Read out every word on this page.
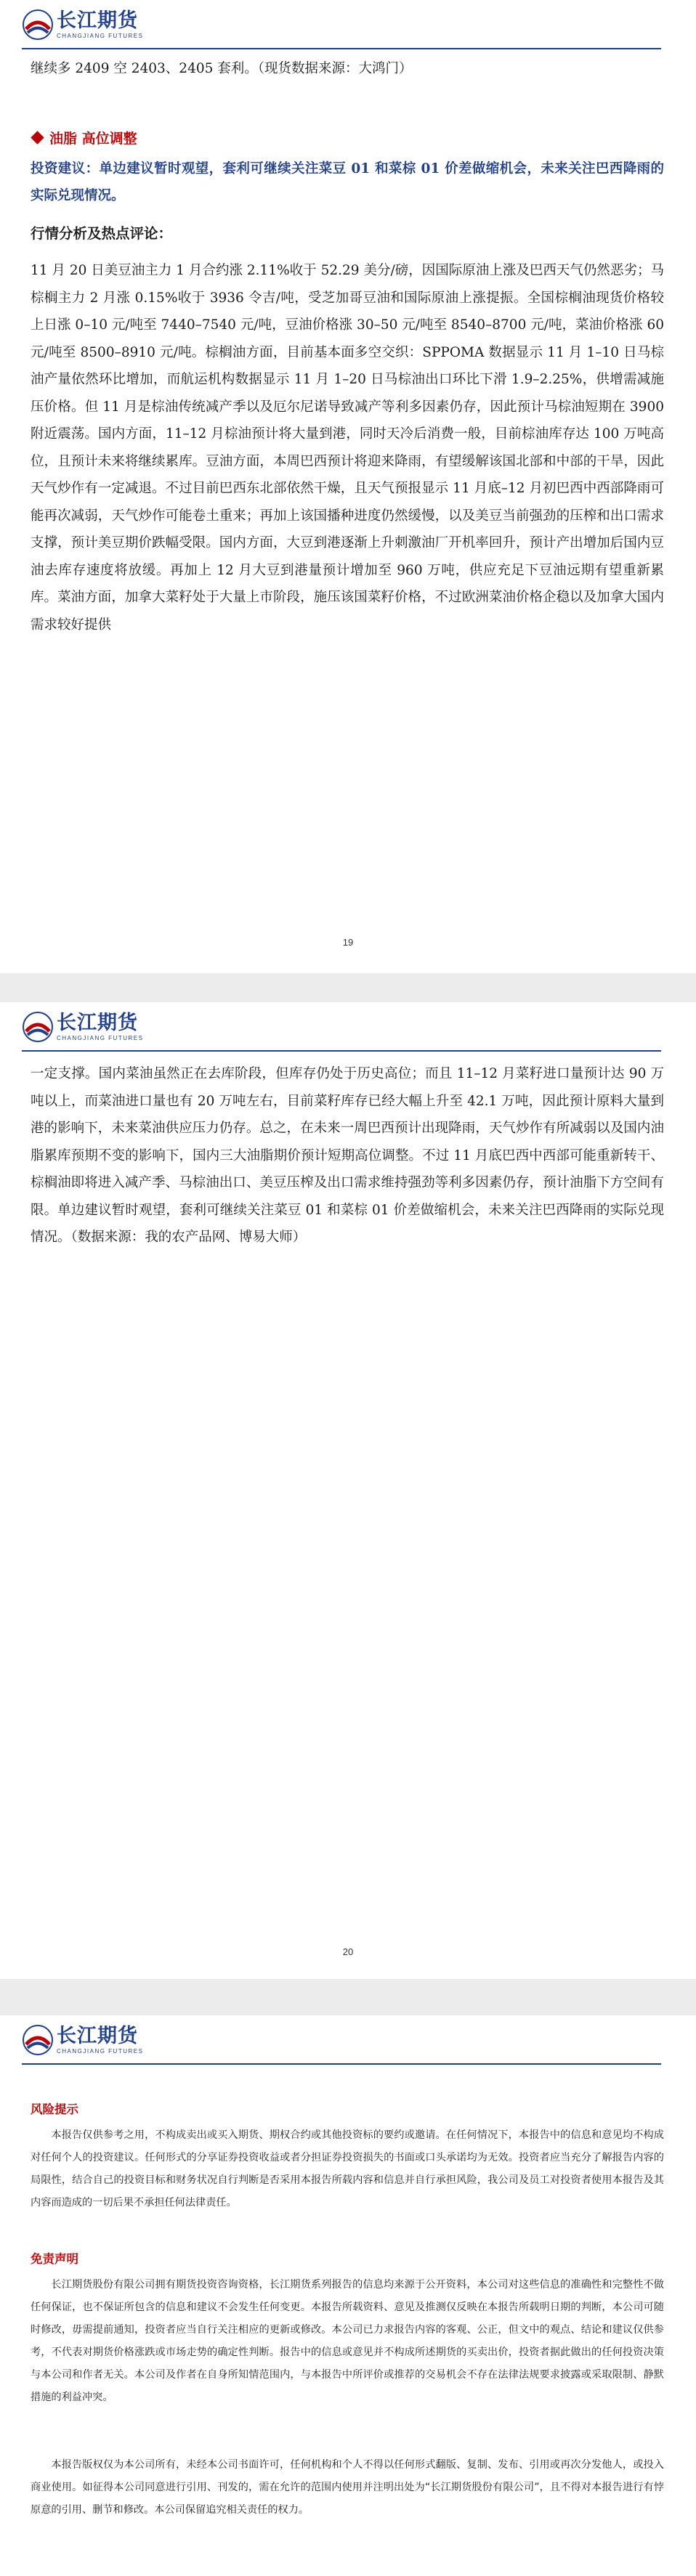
长江期货
CHANGJIANG FUTURES

继续多 2409 空 2403、2405 套利。（现货数据来源：大鸿门）

油脂 高位调整

投资建议：单边建议暂时观望，套利可继续关注菜豆 01 和菜棕 01 价差做缩机会，未来关注巴西降雨的实际兑现情况。

行情分析及热点评论：

11 月 20 日美豆油主力 1 月合约涨 2.11%收于 52.29 美分/磅，因国际原油上涨及巴西天气仍然恶劣；马棕榈主力 2 月涨 0.15%收于 3936 令吉/吨，受芝加哥豆油和国际原油上涨提振。全国棕榈油现货价格较上日涨 0–10 元/吨至 7440–7540 元/吨，豆油价格涨 30–50 元/吨至 8540–8700 元/吨，菜油价格涨 60 元/吨至 8500–8910 元/吨。棕榈油方面，目前基本面多空交织：SPPOMA 数据显示 11 月 1–10 日马棕油产量依然环比增加，而航运机构数据显示 11 月 1–20 日马棕油出口环比下滑 1.9–2.25%，供增需减施压价格。但 11 月是棕油传统减产季以及厄尔尼诺导致减产等利多因素仍存，因此预计马棕油短期在 3900 附近震荡。国内方面，11–12 月棕油预计将大量到港，同时天冷后消费一般，目前棕油库存达 100 万吨高位，且预计未来将继续累库。豆油方面，本周巴西预计将迎来降雨，有望缓解该国北部和中部的干旱，因此天气炒作有一定减退。不过目前巴西东北部依然干燥，且天气预报显示 11 月底–12 月初巴西中西部降雨可能再次减弱，天气炒作可能卷土重来；再加上该国播种进度仍然缓慢，以及美豆当前强劲的压榨和出口需求支撑，预计美豆期价跌幅受限。国内方面，大豆到港逐渐上升刺激油厂开机率回升，预计产出增加后国内豆油去库存速度将放缓。再加上 12 月大豆到港量预计增加至 960 万吨，供应充足下豆油远期有望重新累库。菜油方面，加拿大菜籽处于大量上市阶段，施压该国菜籽价格，不过欧洲菜油价格企稳以及加拿大国内需求较好提供

19
长江期货
CHANGJIANG FUTURES

一定支撑。国内菜油虽然正在去库阶段，但库存仍处于历史高位；而且 11–12 月菜籽进口量预计达 90 万吨以上，而菜油进口量也有 20 万吨左右，目前菜籽库存已经大幅上升至 42.1 万吨，因此预计原料大量到港的影响下，未来菜油供应压力仍存。总之，在未来一周巴西预计出现降雨，天气炒作有所减弱以及国内油脂累库预期不变的影响下，国内三大油脂期价预计短期高位调整。不过 11 月底巴西中西部可能重新转干、棕榈油即将进入减产季、马棕油出口、美豆压榨及出口需求维持强劲等利多因素仍存，预计油脂下方空间有限。单边建议暂时观望，套利可继续关注菜豆 01 和菜棕 01 价差做缩机会，未来关注巴西降雨的实际兑现情况。（数据来源：我的农产品网、博易大师）

20
长江期货
CHANGJIANG FUTURES
风险提示

本报告仅供参考之用，不构成卖出或买入期货、期权合约或其他投资标的要约或邀请。在任何情况下，本报告中的信息和意见均不构成对任何个人的投资建议。任何形式的分享证券投资收益或者分担证券投资损失的书面或口头承诺均为无效。投资者应当充分了解报告内容的局限性，结合自己的投资目标和财务状况自行判断是否采用本报告所载内容和信息并自行承担风险，我公司及员工对投资者使用本报告及其内容而造成的一切后果不承担任何法律责任。

免责声明

长江期货股份有限公司拥有期货投资咨询资格，长江期货系列报告的信息均来源于公开资料，本公司对这些信息的准确性和完整性不做任何保证，也不保证所包含的信息和建议不会发生任何变更。本报告所载资料、意见及推测仅反映在本报告所载明日期的判断，本公司可随时修改，毋需提前通知，投资者应当自行关注相应的更新或修改。本公司已力求报告内容的客观、公正，但文中的观点、结论和建议仅供参考，不代表对期货价格涨跌或市场走势的确定性判断。报告中的信息或意见并不构成所述期货的买卖出价，投资者据此做出的任何投资决策与本公司和作者无关。本公司及作者在自身所知情范围内，与本报告中所评价或推荐的交易机会不存在法律法规要求披露或采取限制、静默措施的利益冲突。

本报告版权仅为本公司所有，未经本公司书面许可，任何机构和个人不得以任何形式翻版、复制、发布、引用或再次分发他人，或投入商业使用。如征得本公司同意进行引用、刊发的，需在允许的范围内使用并注明出处为“长江期货股份有限公司”，且不得对本报告进行有悖原意的引用、删节和修改。本公司保留追究相关责任的权力。
